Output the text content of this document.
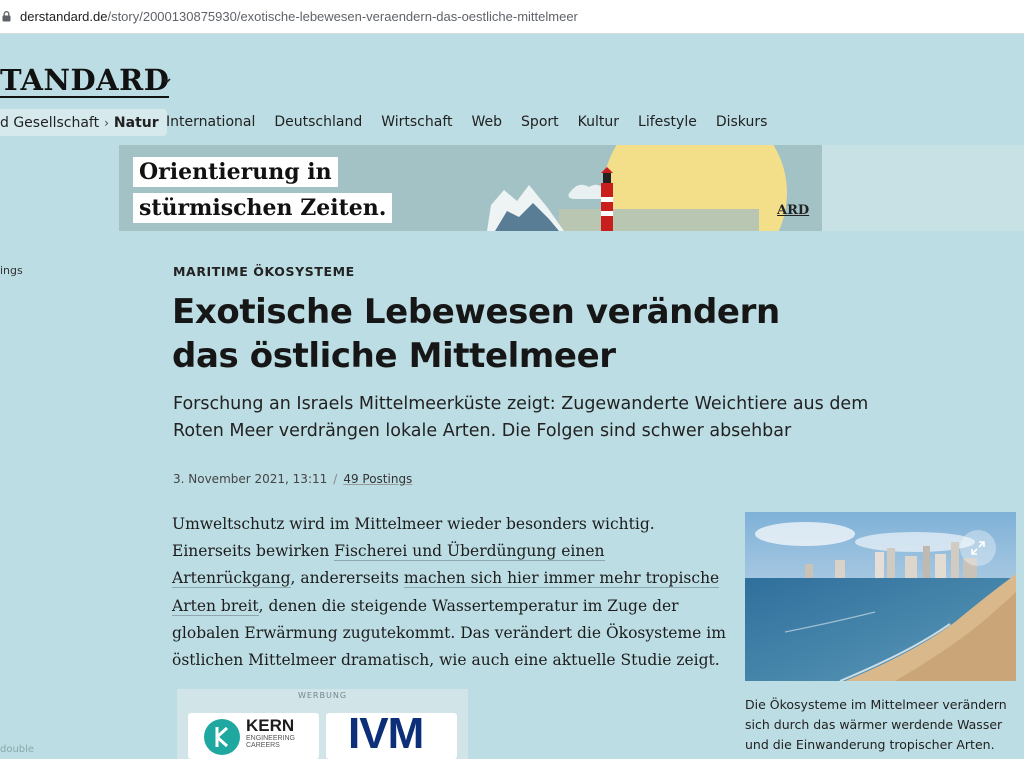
derstandard.de/story/2000130875930/exotische-lebewesen-veraendern-das-oestliche-mittelmeer
TANDARD
d Gesellschaft › Natur International Deutschland Wirtschaft Web Sport Kultur Lifestyle Diskurs
Orientierung in
stürmischen Zeiten.	ARD
ings
double
MARITIME ÖKOSYSTEME
Exotische Lebewesen verändern das östliche Mittelmeer

Forschung an Israels Mittelmeerküste zeigt: Zugewanderte Weichtiere aus dem Roten Meer verdrängen lokale Arten. Die Folgen sind schwer absehbar

3. November 2021, 13:11 / 49 Postings

Umweltschutz wird im Mittelmeer wieder besonders wichtig. Einerseits bewirken Fischerei und Überdüngung einen Artenrückgang, andererseits machen sich hier immer mehr tropische Arten breit, denen die steigende Wassertemperatur im Zuge der globalen Erwärmung zugutekommt. Das verändert die Ökosysteme im östlichen Mittelmeer dramatisch, wie auch eine aktuelle Studie zeigt.

Die Ökosysteme im Mittelmeer verändern sich durch das wärmer werdende Wasser und die Einwanderung tropischer Arten.

WERBUNG
KERN
ENGINEERING
CAREERS	IVM
